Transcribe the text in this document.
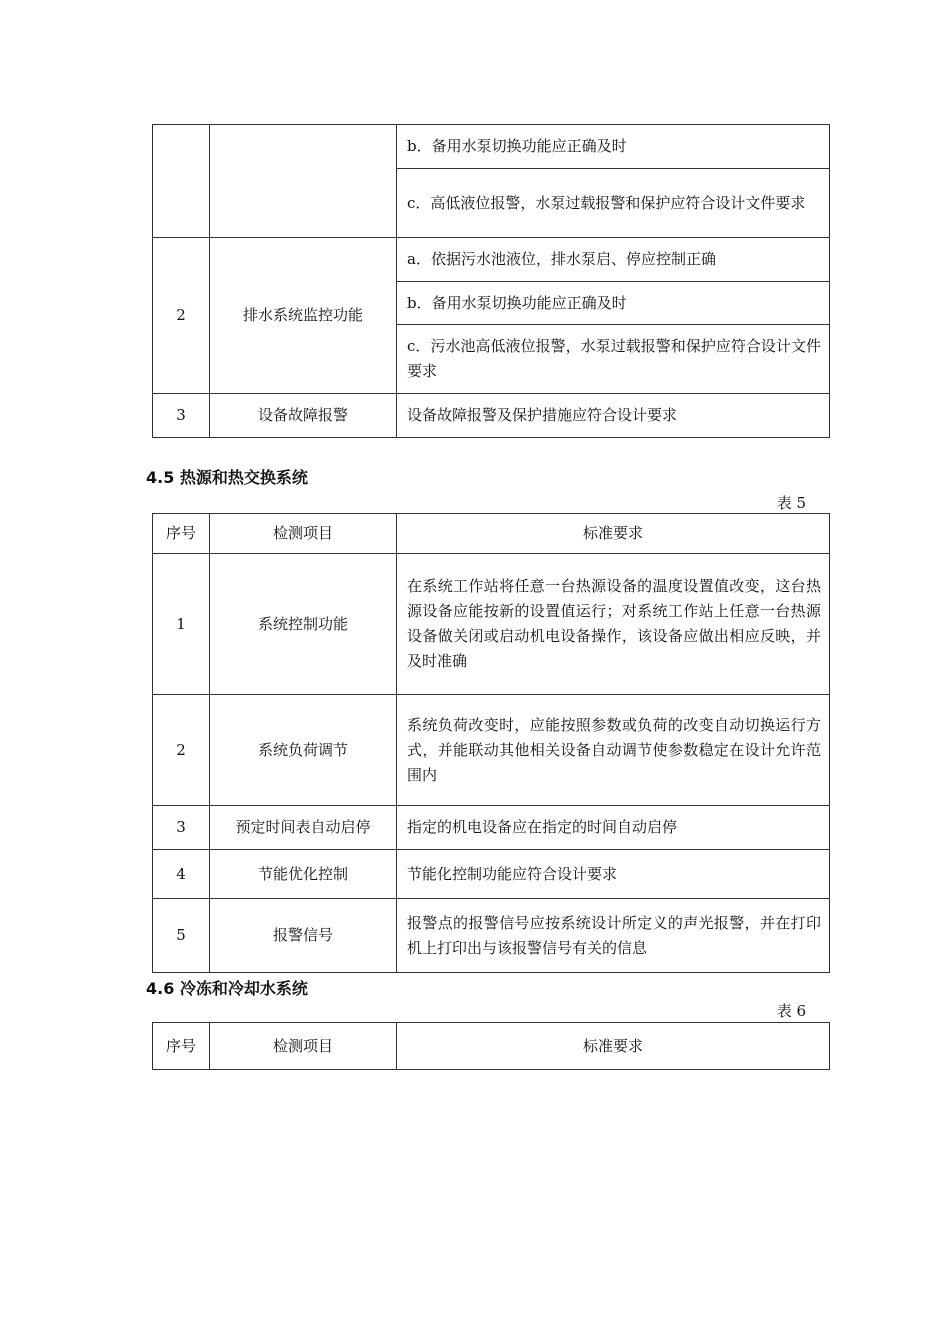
		b．备用水泵切换功能应正确及时
		c．高低液位报警，水泵过载报警和保护应符合设计文件要求
2	排水系统监控功能	a．依据污水池液位，排水泵启、停应控制正确
		b．备用水泵切换功能应正确及时
		c．污水池高低液位报警，水泵过载报警和保护应符合设计文件要求
3	设备故障报警	设备故障报警及保护措施应符合设计要求
4.5 热源和热交换系统
表 5
序号	检测项目	标准要求
1	系统控制功能	在系统工作站将任意一台热源设备的温度设置值改变，这台热源设备应能按新的设置值运行；对系统工作站上任意一台热源设备做关闭或启动机电设备操作，该设备应做出相应反映，并及时准确
2	系统负荷调节	系统负荷改变时，应能按照参数或负荷的改变自动切换运行方式，并能联动其他相关设备自动调节使参数稳定在设计允许范围内
3	预定时间表自动启停	指定的机电设备应在指定的时间自动启停
4	节能优化控制	节能化控制功能应符合设计要求
5	报警信号	报警点的报警信号应按系统设计所定义的声光报警，并在打印机上打印出与该报警信号有关的信息
4.6 冷冻和冷却水系统
表 6
序号	检测项目	标准要求
